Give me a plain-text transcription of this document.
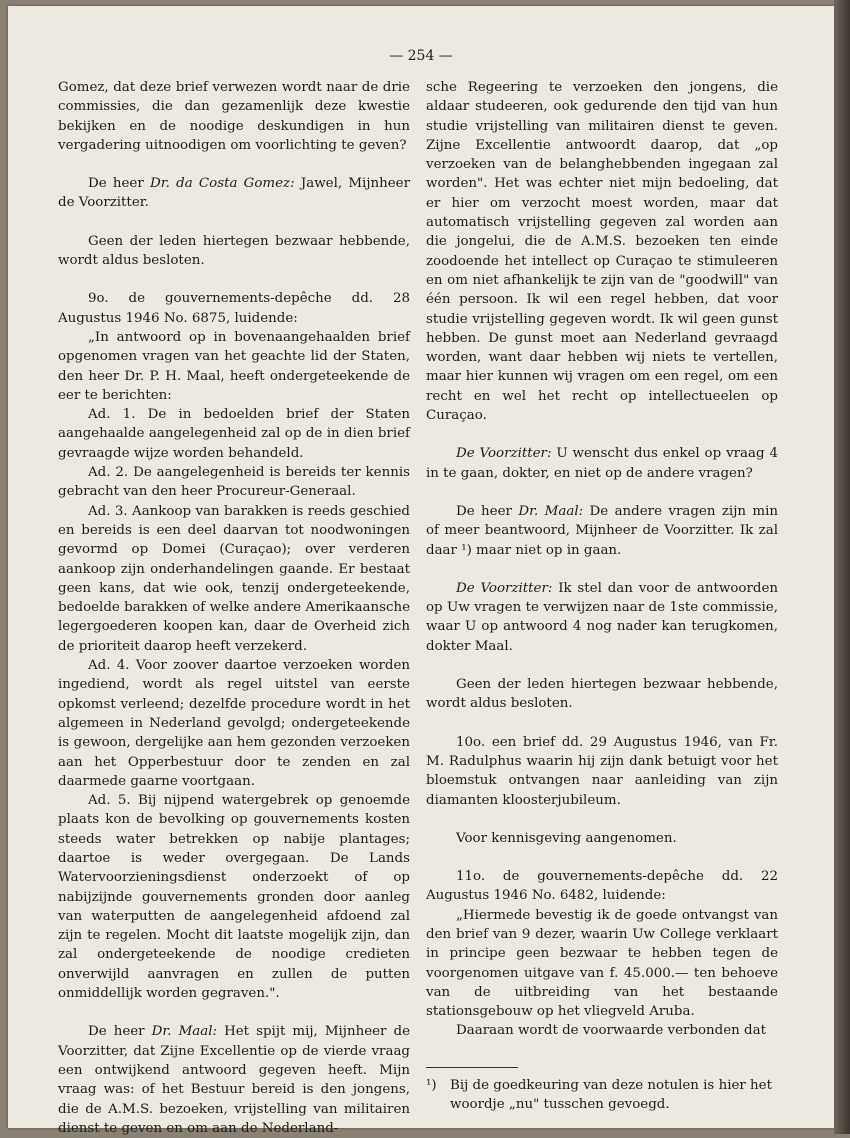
— 254 —

Gomez, dat deze brief verwezen wordt naar de drie commissies, die dan gezamenlijk deze kwestie bekijken en de noodige deskundigen in hun vergadering uitnoodigen om voorlichting te geven?

De heer Dr. da Costa Gomez: Jawel, Mijnheer de Voorzitter.

Geen der leden hiertegen bezwaar hebbende, wordt aldus besloten.

9o. de gouvernements-depêche dd. 28 Augustus 1946 No. 6875, luidende:

„In antwoord op in bovenaangehaalden brief opgenomen vragen van het geachte lid der Staten, den heer Dr. P. H. Maal, heeft ondergeteekende de eer te berichten:

Ad. 1. De in bedoelden brief der Staten aangehaalde aangelegenheid zal op de in dien brief gevraagde wijze worden behandeld.

Ad. 2. De aangelegenheid is bereids ter kennis gebracht van den heer Procureur-Generaal.

Ad. 3. Aankoop van barakken is reeds geschied en bereids is een deel daarvan tot noodwoningen gevormd op Domei (Curaçao); over verderen aankoop zijn onderhandelingen gaande. Er bestaat geen kans, dat wie ook, tenzij ondergeteekende, bedoelde barakken of welke andere Amerikaansche legergoederen koopen kan, daar de Overheid zich de prioriteit daarop heeft verzekerd.

Ad. 4. Voor zoover daartoe verzoeken worden ingediend, wordt als regel uitstel van eerste opkomst verleend; dezelfde procedure wordt in het algemeen in Nederland gevolgd; ondergeteekende is gewoon, dergelijke aan hem gezonden verzoeken aan het Opperbestuur door te zenden en zal daarmede gaarne voortgaan.

Ad. 5. Bij nijpend watergebrek op genoemde plaats kon de bevolking op gouvernements kosten steeds water betrekken op nabije plantages; daartoe is weder overgegaan. De Lands Watervoorzieningsdienst onderzoekt of op nabijzijnde gouvernements gronden door aanleg van waterputten de aangelegenheid afdoend zal zijn te regelen. Mocht dit laatste mogelijk zijn, dan zal ondergeteekende de noodige credieten onverwijld aanvragen en zullen de putten onmiddellijk worden gegraven.".

De heer Dr. Maal: Het spijt mij, Mijnheer de Voorzitter, dat Zijne Excellentie op de vierde vraag een ontwijkend antwoord gegeven heeft. Mijn vraag was: of het Bestuur bereid is den jongens, die de A.M.S. bezoeken, vrijstelling van militairen dienst te geven en om aan de Nederland-

sche Regeering te verzoeken den jongens, die aldaar studeeren, ook gedurende den tijd van hun studie vrijstelling van militairen dienst te geven. Zijne Excellentie antwoordt daarop, dat „op verzoeken van de belanghebbenden ingegaan zal worden". Het was echter niet mijn bedoeling, dat er hier om verzocht moest worden, maar dat automatisch vrijstelling gegeven zal worden aan die jongelui, die de A.M.S. bezoeken ten einde zoodoende het intellect op Curaçao te stimuleeren en om niet afhankelijk te zijn van de "goodwill" van één persoon. Ik wil een regel hebben, dat voor studie vrijstelling gegeven wordt. Ik wil geen gunst hebben. De gunst moet aan Nederland gevraagd worden, want daar hebben wij niets te vertellen, maar hier kunnen wij vragen om een regel, om een recht en wel het recht op intellectueelen op Curaçao.

De Voorzitter: U wenscht dus enkel op vraag 4 in te gaan, dokter, en niet op de andere vragen?

De heer Dr. Maal: De andere vragen zijn min of meer beantwoord, Mijnheer de Voorzitter. Ik zal daar ¹) maar niet op in gaan.

De Voorzitter: Ik stel dan voor de antwoorden op Uw vragen te verwijzen naar de 1ste commissie, waar U op antwoord 4 nog nader kan terugkomen, dokter Maal.

Geen der leden hiertegen bezwaar hebbende, wordt aldus besloten.

10o. een brief dd. 29 Augustus 1946, van Fr. M. Radulphus waarin hij zijn dank betuigt voor het bloemstuk ontvangen naar aanleiding van zijn diamanten kloosterjubileum.

Voor kennisgeving aangenomen.

11o. de gouvernements-depêche dd. 22 Augustus 1946 No. 6482, luidende:

„Hiermede bevestig ik de goede ontvangst van den brief van 9 dezer, waarin Uw College verklaart in principe geen bezwaar te hebben tegen de voorgenomen uitgave van f. 45.000.— ten behoeve van de uitbreiding van het bestaande stationsgebouw op het vliegveld Aruba.

Daaraan wordt de voorwaarde verbonden dat

¹)	Bij de goedkeuring van deze notulen is hier het woordje „nu" tusschen gevoegd.
